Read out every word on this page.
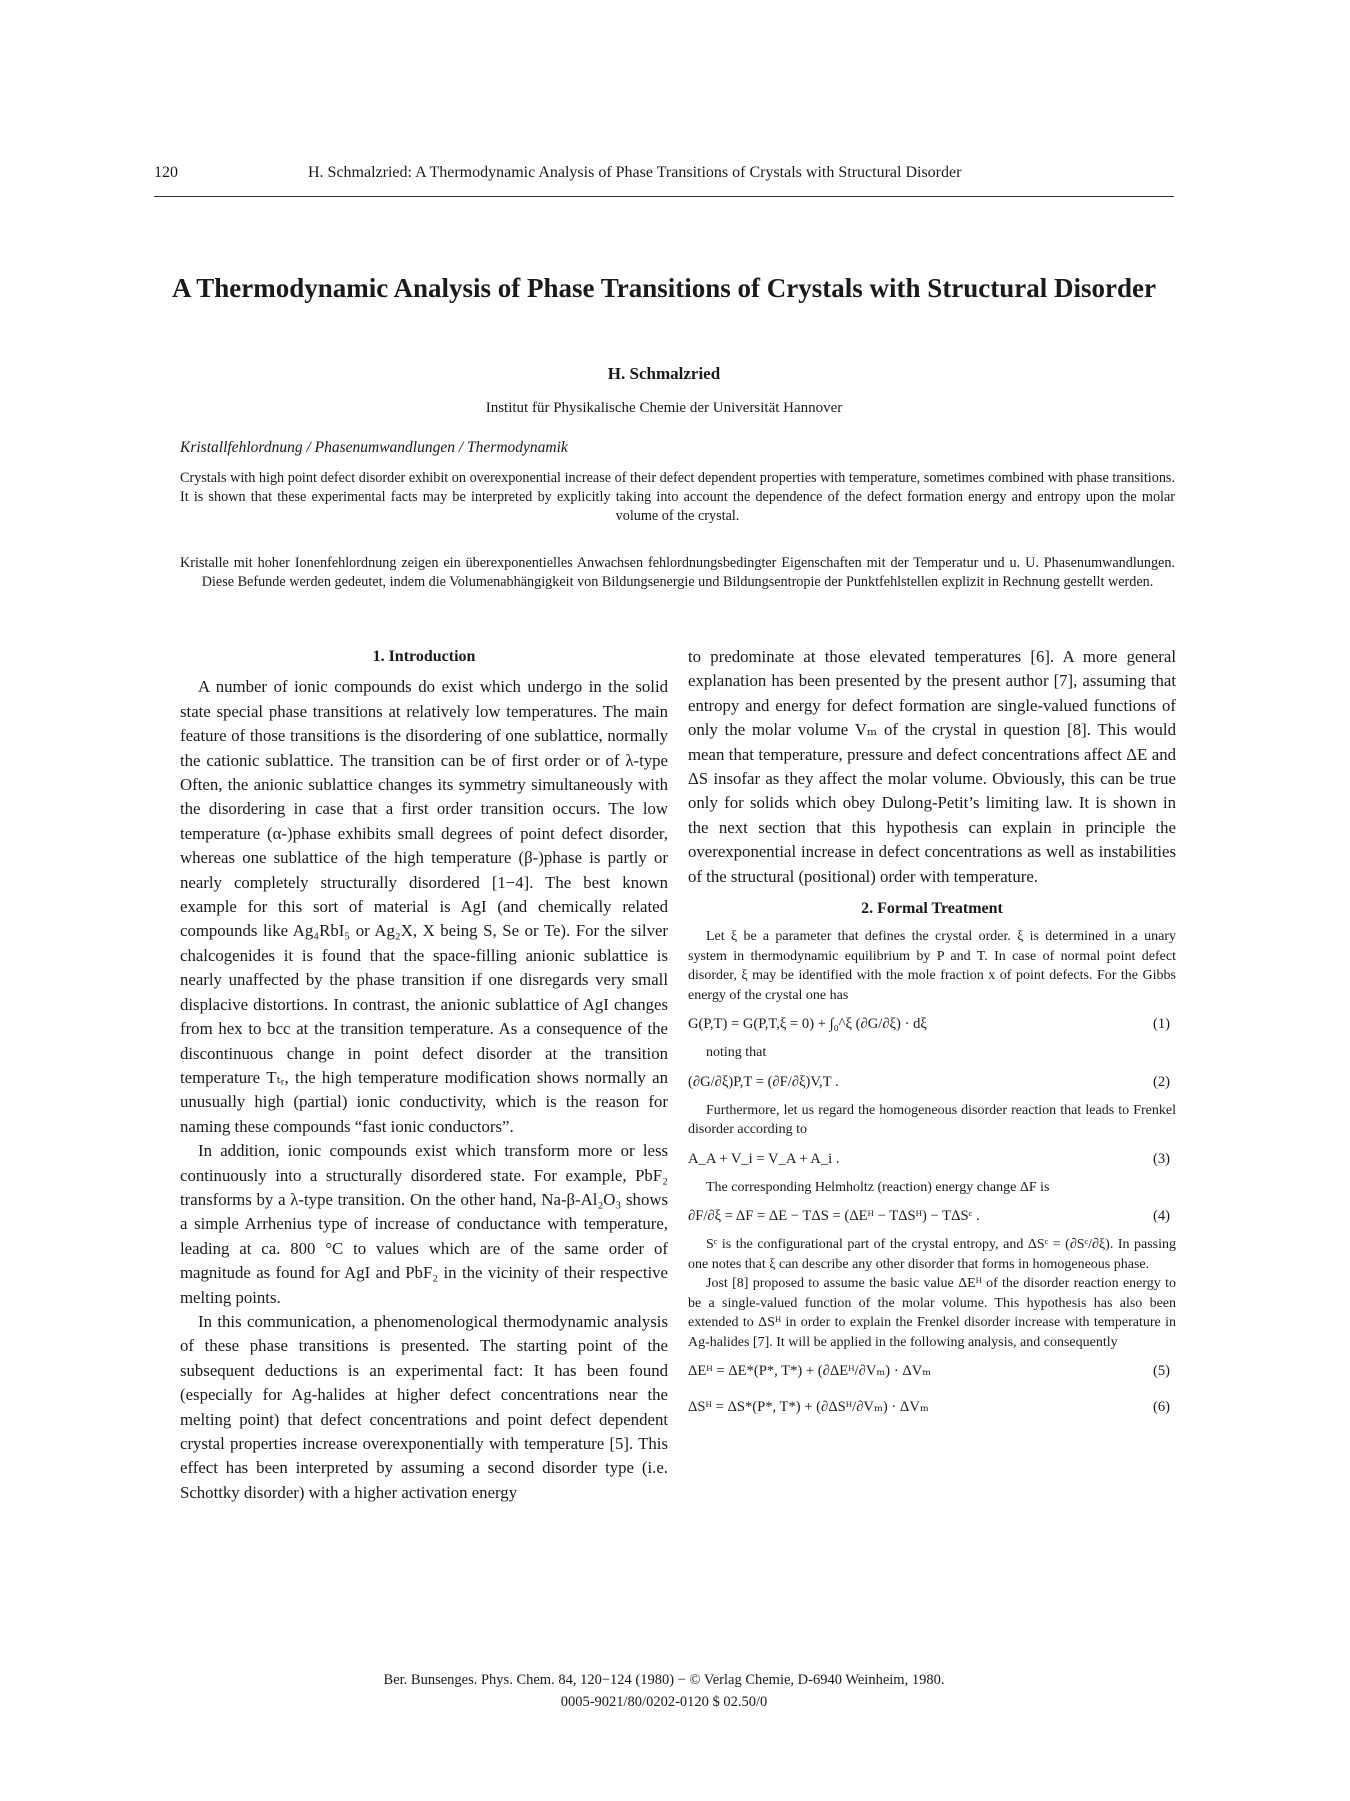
120	H. Schmalzried: A Thermodynamic Analysis of Phase Transitions of Crystals with Structural Disorder
A Thermodynamic Analysis of Phase Transitions of Crystals with Structural Disorder
H. Schmalzried
Institut für Physikalische Chemie der Universität Hannover
Kristallfehlordnung / Phasenumwandlungen / Thermodynamik
Crystals with high point defect disorder exhibit on overexponential increase of their defect dependent properties with temperature, sometimes combined with phase transitions. It is shown that these experimental facts may be interpreted by explicitly taking into account the dependence of the defect formation energy and entropy upon the molar volume of the crystal.
Kristalle mit hoher Ionenfehlordnung zeigen ein überexponentielles Anwachsen fehlordnungsbedingter Eigenschaften mit der Temperatur und u. U. Phasenumwandlungen. Diese Befunde werden gedeutet, indem die Volumenabhängigkeit von Bildungsenergie und Bildungsentropie der Punktfehlstellen explizit in Rechnung gestellt werden.
1. Introduction

A number of ionic compounds do exist which undergo in the solid state special phase transitions at relatively low temperatures. The main feature of those transitions is the disordering of one sublattice, normally the cationic sublattice. The transition can be of first order or of λ-type Often, the anionic sublattice changes its symmetry simultaneously with the disordering in case that a first order transition occurs. The low temperature (α-)phase exhibits small degrees of point defect disorder, whereas one sublattice of the high temperature (β-)phase is partly or nearly completely structurally disordered [1−4]. The best known example for this sort of material is AgI (and chemically related compounds like Ag₄RbI₅ or Ag₂X, X being S, Se or Te). For the silver chalcogenides it is found that the space-filling anionic sublattice is nearly unaffected by the phase transition if one disregards very small displacive distortions. In contrast, the anionic sublattice of AgI changes from hex to bcc at the transition temperature. As a consequence of the discontinuous change in point defect disorder at the transition temperature Tₜᵣ, the high temperature modification shows normally an unusually high (partial) ionic conductivity, which is the reason for naming these compounds “fast ionic conductors”.

In addition, ionic compounds exist which transform more or less continuously into a structurally disordered state. For example, PbF₂ transforms by a λ-type transition. On the other hand, Na-β-Al₂O₃ shows a simple Arrhenius type of increase of conductance with temperature, leading at ca. 800 °C to values which are of the same order of magnitude as found for AgI and PbF₂ in the vicinity of their respective melting points.

In this communication, a phenomenological thermodynamic analysis of these phase transitions is presented. The starting point of the subsequent deductions is an experimental fact: It has been found (especially for Ag-halides at higher defect concentrations near the melting point) that defect concentrations and point defect dependent crystal properties increase overexponentially with temperature [5]. This effect has been interpreted by assuming a second disorder type (i.e. Schottky disorder) with a higher activation energy

to predominate at those elevated temperatures [6]. A more general explanation has been presented by the present author [7], assuming that entropy and energy for defect formation are single-valued functions of only the molar volume Vₘ of the crystal in question [8]. This would mean that temperature, pressure and defect concentrations affect ΔE and ΔS insofar as they affect the molar volume. Obviously, this can be true only for solids which obey Dulong-Petit’s limiting law. It is shown in the next section that this hypothesis can explain in principle the overexponential increase in defect concentrations as well as instabilities of the structural (positional) order with temperature.

2. Formal Treatment

Let ξ be a parameter that defines the crystal order. ξ is determined in a unary system in thermodynamic equilibrium by P and T. In case of normal point defect disorder, ξ may be identified with the mole fraction x of point defects. For the Gibbs energy of the crystal one has

G(P,T) = G(P,T,ξ = 0) + ∫₀^ξ (∂G/∂ξ) · dξ	(1)

noting that

(∂G/∂ξ)P,T = (∂F/∂ξ)V,T .	(2)

Furthermore, let us regard the homogeneous disorder reaction that leads to Frenkel disorder according to

A_A + V_i = V_A + A_i .	(3)

The corresponding Helmholtz (reaction) energy change ΔF is

∂F/∂ξ = ΔF = ΔE − TΔS = (ΔEᴴ − TΔSᴴ) − TΔSᶜ .	(4)

Sᶜ is the configurational part of the crystal entropy, and ΔSᶜ = (∂Sᶜ/∂ξ). In passing one notes that ξ can describe any other disorder that forms in homogeneous phase.

Jost [8] proposed to assume the basic value ΔEᴴ of the disorder reaction energy to be a single-valued function of the molar volume. This hypothesis has also been extended to ΔSᴴ in order to explain the Frenkel disorder increase with temperature in Ag-halides [7]. It will be applied in the following analysis, and consequently

ΔEᴴ = ΔE*(P*, T*) + (∂ΔEᴴ/∂Vₘ) · ΔVₘ	(5)
ΔSᴴ = ΔS*(P*, T*) + (∂ΔSᴴ/∂Vₘ) · ΔVₘ	(6)
Ber. Bunsenges. Phys. Chem. 84, 120−124 (1980) − © Verlag Chemie, D-6940 Weinheim, 1980.
0005-9021/80/0202-0120 $ 02.50/0
